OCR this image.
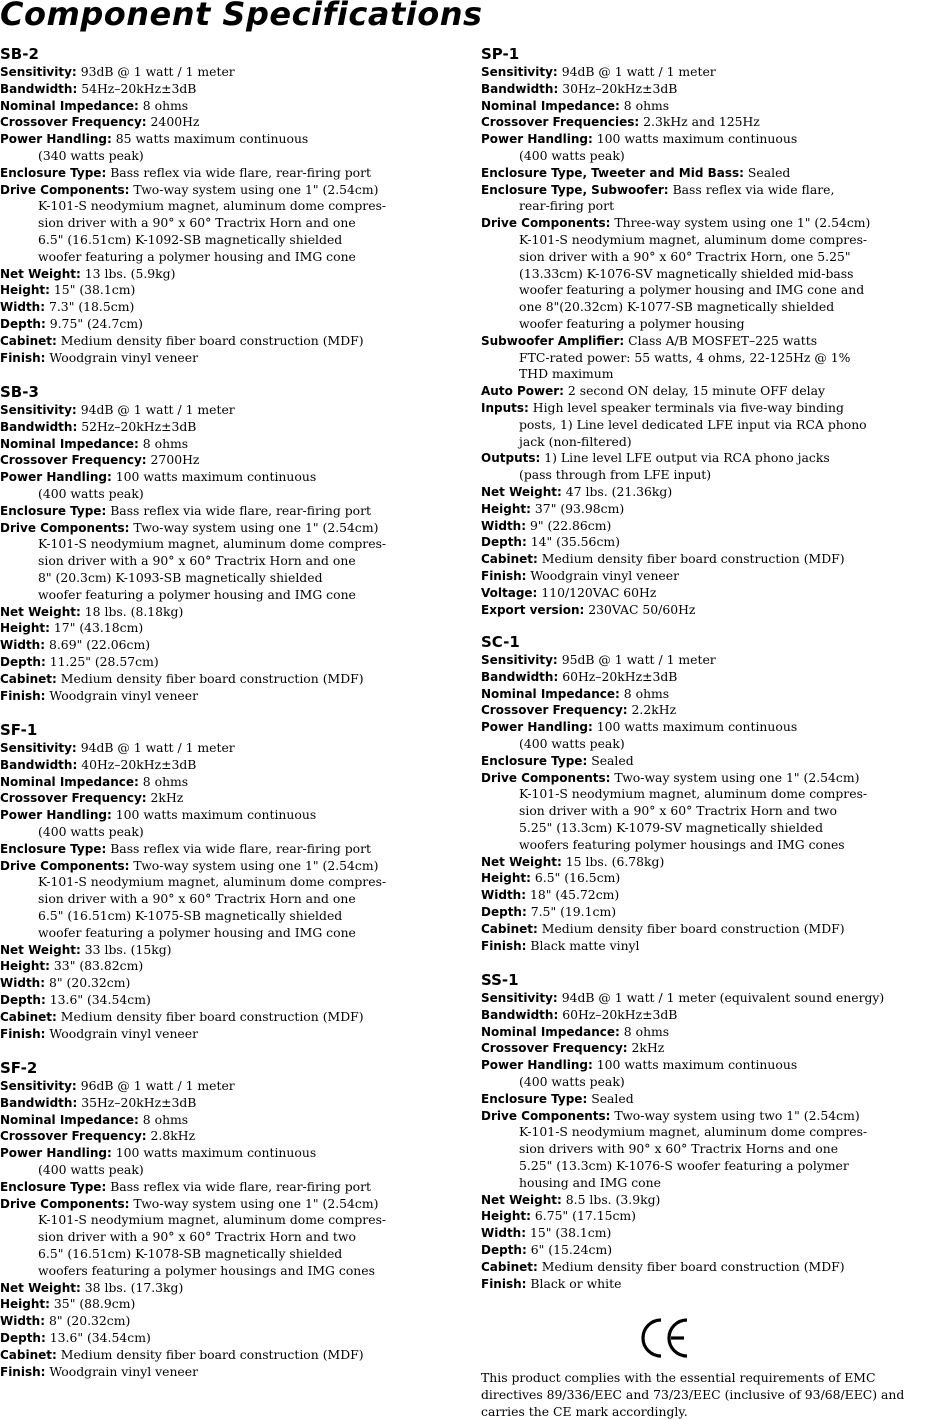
Component Specifications
SB-2

Sensitivity: 93dB @ 1 watt / 1 meter

Bandwidth: 54Hz–20kHz±3dB

Nominal Impedance: 8 ohms

Crossover Frequency: 2400Hz

Power Handling: 85 watts maximum continuous
(340 watts peak)

Enclosure Type: Bass reflex via wide flare, rear-firing port

Drive Components: Two-way system using one 1" (2.54cm)
K-101-S neodymium magnet, aluminum dome compres-
sion driver with a 90° x 60° Tractrix Horn and one
6.5" (16.51cm) K-1092-SB magnetically shielded
woofer featuring a polymer housing and IMG cone

Net Weight: 13 lbs. (5.9kg)

Height: 15" (38.1cm)

Width: 7.3" (18.5cm)

Depth: 9.75" (24.7cm)

Cabinet: Medium density fiber board construction (MDF)

Finish: Woodgrain vinyl veneer

SB-3

Sensitivity: 94dB @ 1 watt / 1 meter

Bandwidth: 52Hz–20kHz±3dB

Nominal Impedance: 8 ohms

Crossover Frequency: 2700Hz

Power Handling: 100 watts maximum continuous
(400 watts peak)

Enclosure Type: Bass reflex via wide flare, rear-firing port

Drive Components: Two-way system using one 1" (2.54cm)
K-101-S neodymium magnet, aluminum dome compres-
sion driver with a 90° x 60° Tractrix Horn and one
8" (20.3cm) K-1093-SB magnetically shielded
woofer featuring a polymer housing and IMG cone

Net Weight: 18 lbs. (8.18kg)

Height: 17" (43.18cm)

Width: 8.69" (22.06cm)

Depth: 11.25" (28.57cm)

Cabinet: Medium density fiber board construction (MDF)

Finish: Woodgrain vinyl veneer

SF-1

Sensitivity: 94dB @ 1 watt / 1 meter

Bandwidth: 40Hz–20kHz±3dB

Nominal Impedance: 8 ohms

Crossover Frequency: 2kHz

Power Handling: 100 watts maximum continuous
(400 watts peak)

Enclosure Type: Bass reflex via wide flare, rear-firing port

Drive Components: Two-way system using one 1" (2.54cm)
K-101-S neodymium magnet, aluminum dome compres-
sion driver with a 90° x 60° Tractrix Horn and one
6.5" (16.51cm) K-1075-SB magnetically shielded
woofer featuring a polymer housing and IMG cone

Net Weight: 33 lbs. (15kg)

Height: 33" (83.82cm)

Width: 8" (20.32cm)

Depth: 13.6" (34.54cm)

Cabinet: Medium density fiber board construction (MDF)

Finish: Woodgrain vinyl veneer

SF-2

Sensitivity: 96dB @ 1 watt / 1 meter

Bandwidth: 35Hz–20kHz±3dB

Nominal Impedance: 8 ohms

Crossover Frequency: 2.8kHz

Power Handling: 100 watts maximum continuous
(400 watts peak)

Enclosure Type: Bass reflex via wide flare, rear-firing port

Drive Components: Two-way system using one 1" (2.54cm)
K-101-S neodymium magnet, aluminum dome compres-
sion driver with a 90° x 60° Tractrix Horn and two
6.5" (16.51cm) K-1078-SB magnetically shielded
woofers featuring a polymer housings and IMG cones

Net Weight: 38 lbs. (17.3kg)

Height: 35" (88.9cm)

Width: 8" (20.32cm)

Depth: 13.6" (34.54cm)

Cabinet: Medium density fiber board construction (MDF)

Finish: Woodgrain vinyl veneer

SP-1

Sensitivity: 94dB @ 1 watt / 1 meter

Bandwidth: 30Hz–20kHz±3dB

Nominal Impedance: 8 ohms

Crossover Frequencies: 2.3kHz and 125Hz

Power Handling: 100 watts maximum continuous
(400 watts peak)

Enclosure Type, Tweeter and Mid Bass: Sealed

Enclosure Type, Subwoofer: Bass reflex via wide flare,
rear-firing port

Drive Components: Three-way system using one 1" (2.54cm)
K-101-S neodymium magnet, aluminum dome compres-
sion driver with a 90° x 60° Tractrix Horn, one 5.25"
(13.33cm) K-1076-SV magnetically shielded mid-bass
woofer featuring a polymer housing and IMG cone and
one 8"(20.32cm) K-1077-SB magnetically shielded
woofer featuring a polymer housing

Subwoofer Amplifier: Class A/B MOSFET–225 watts
FTC-rated power: 55 watts, 4 ohms, 22-125Hz @ 1%
THD maximum

Auto Power: 2 second ON delay, 15 minute OFF delay

Inputs: High level speaker terminals via five-way binding
posts, 1) Line level dedicated LFE input via RCA phono
jack (non-filtered)

Outputs: 1) Line level LFE output via RCA phono jacks
(pass through from LFE input)

Net Weight: 47 lbs. (21.36kg)

Height: 37" (93.98cm)

Width: 9" (22.86cm)

Depth: 14" (35.56cm)

Cabinet: Medium density fiber board construction (MDF)

Finish: Woodgrain vinyl veneer

Voltage: 110/120VAC 60Hz

Export version: 230VAC 50/60Hz

SC-1

Sensitivity: 95dB @ 1 watt / 1 meter

Bandwidth: 60Hz–20kHz±3dB

Nominal Impedance: 8 ohms

Crossover Frequency: 2.2kHz

Power Handling: 100 watts maximum continuous
(400 watts peak)

Enclosure Type: Sealed

Drive Components: Two-way system using one 1" (2.54cm)
K-101-S neodymium magnet, aluminum dome compres-
sion driver with a 90° x 60° Tractrix Horn and two
5.25" (13.3cm) K-1079-SV magnetically shielded
woofers featuring polymer housings and IMG cones

Net Weight: 15 lbs. (6.78kg)

Height: 6.5" (16.5cm)

Width: 18" (45.72cm)

Depth: 7.5" (19.1cm)

Cabinet: Medium density fiber board construction (MDF)

Finish: Black matte vinyl

SS-1

Sensitivity: 94dB @ 1 watt / 1 meter (equivalent sound energy)

Bandwidth: 60Hz–20kHz±3dB

Nominal Impedance: 8 ohms

Crossover Frequency: 2kHz

Power Handling: 100 watts maximum continuous
(400 watts peak)

Enclosure Type: Sealed

Drive Components: Two-way system using two 1" (2.54cm)
K-101-S neodymium magnet, aluminum dome compres-
sion drivers with 90° x 60° Tractrix Horns and one
5.25" (13.3cm) K-1076-S woofer featuring a polymer
housing and IMG cone

Net Weight: 8.5 lbs. (3.9kg)

Height: 6.75" (17.15cm)

Width: 15" (38.1cm)

Depth: 6" (15.24cm)

Cabinet: Medium density fiber board construction (MDF)

Finish: Black or white

This product complies with the essential requirements of EMC directives 89/336/EEC and 73/23/EEC (inclusive of 93/68/EEC) and carries the CE mark accordingly.
